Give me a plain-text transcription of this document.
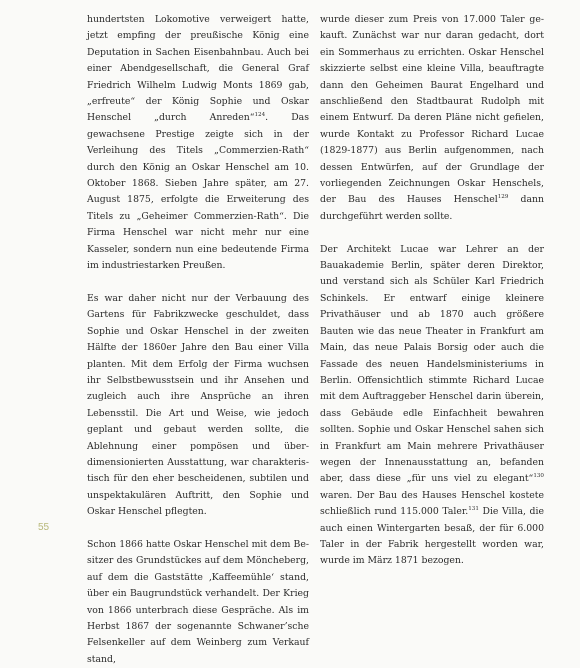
hundertsten Lokomotive verweigert hatte, jetzt empfing der preußische König eine Deputation in Sachen Eisenbahnbau. Auch bei einer Abendgesellschaft, die General Graf Friedrich Wilhelm Ludwig Monts 1869 gab, „erfreute“ der König Sophie und Oskar Henschel „durch Anreden“$^{124}$. Das gewachsene Prestige zeigte sich in der Verleihung des Titels „Commerzien-Rath“ durch den König an Oskar Henschel am 10. Oktober 1868. Sieben Jahre später, am 27. August 1875, erfolgte die Erweiterung des Titels zu „Geheimer Commerzien-Rath“. Die Firma Henschel war nicht mehr nur eine Kasseler, sondern nun eine bedeutende Firma im industriestarken Preußen.

Es war daher nicht nur der Verbauung des Gartens für Fabrikzwecke geschuldet, dass Sophie und Oskar Henschel in der zweiten Hälfte der 1860er Jahre den Bau einer Villa planten. Mit dem Erfolg der Firma wuchsen ihr Selbstbewusstsein und ihr Ansehen und zugleich auch ihre Ansprüche an ihren Lebensstil. Die Art und Weise, wie jedoch geplant und gebaut werden sollte, die Ablehnung einer pompösen und überdimensionierten Ausstattung, war charakteristisch für den eher bescheidenen, subtilen und unspektakulären Auftritt, den Sophie und Oskar Henschel pflegten.

Schon 1866 hatte Oskar Henschel mit dem Besitzer des Grundstückes auf dem Möncheberg, auf dem die Gaststätte ‚Kaffeemühle‘ stand, über ein Baugrundstück verhandelt. Der Krieg von 1866 unterbrach diese Gespräche. Als im Herbst 1867 der sogenannte Schwaner’sche Felsenkeller auf dem Weinberg zum Verkauf stand,

wurde dieser zum Preis von 17.000 Taler gekauft. Zunächst war nur daran gedacht, dort ein Sommerhaus zu errichten. Oskar Henschel skizzierte selbst eine kleine Villa, beauftragte dann den Geheimen Baurat Engelhard und anschließend den Stadtbaurat Rudolph mit einem Entwurf. Da deren Pläne nicht gefielen, wurde Kontakt zu Professor Richard Lucae (1829-1877) aus Berlin aufgenommen, nach dessen Entwürfen, auf der Grundlage der vorliegenden Zeichnungen Oskar Henschels, der Bau des Hauses Henschel$^{129}$ dann durchgeführt werden sollte.

Der Architekt Lucae war Lehrer an der Bauakademie Berlin, später deren Direktor, und verstand sich als Schüler Karl Friedrich Schinkels. Er entwarf einige kleinere Privathäuser und ab 1870 auch größere Bauten wie das neue Theater in Frankfurt am Main, das neue Palais Borsig oder auch die Fassade des neuen Handelsministeriums in Berlin. Offensichtlich stimmte Richard Lucae mit dem Auftraggeber Henschel darin überein, dass Gebäude edle Einfachheit bewahren sollten. Sophie und Oskar Henschel sahen sich in Frankfurt am Main mehrere Privathäuser wegen der Innenausstattung an, befanden aber, dass diese „für uns viel zu elegant“$^{130}$ waren. Der Bau des Hauses Henschel kostete schließlich rund 115.000 Taler.$^{131}$ Die Villa, die auch einen Wintergarten besaß, der für 6.000 Taler in der Fabrik hergestellt worden war, wurde im März 1871 bezogen.

55
